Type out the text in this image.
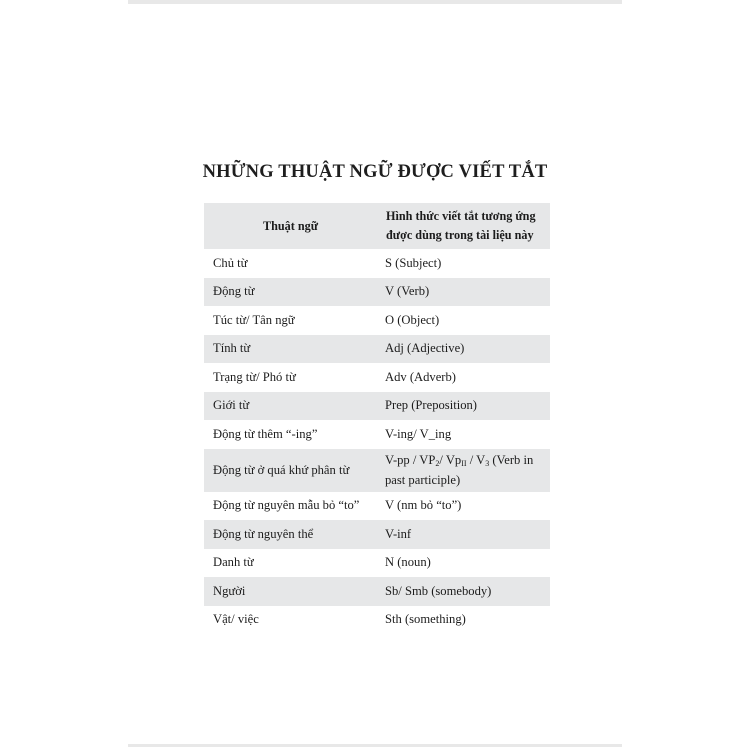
NHỮNG THUẬT NGỮ ĐƯỢC VIẾT TẮT
Thuật ngữ	Hình thức viết tắt tương ứng
được dùng trong tài liệu này
Chủ từ	S (Subject)
Động từ	V (Verb)
Túc từ/ Tân ngữ	O (Object)
Tính từ	Adj (Adjective)
Trạng từ/ Phó từ	Adv (Adverb)
Giới từ	Prep (Preposition)
Động từ thêm “-ing”	V-ing/ V_ing
Động từ ở quá khứ phân từ	$V-pp / VP_2/$ $Vp_{II} / V_3$ (Verb in past participle)
Động từ nguyên mẫu bỏ “to”	V (nm bỏ “to”)
Động từ nguyên thể	V-inf
Danh từ	N (noun)
Người	Sb/ Smb (somebody)
Vật/ việc	Sth (something)
